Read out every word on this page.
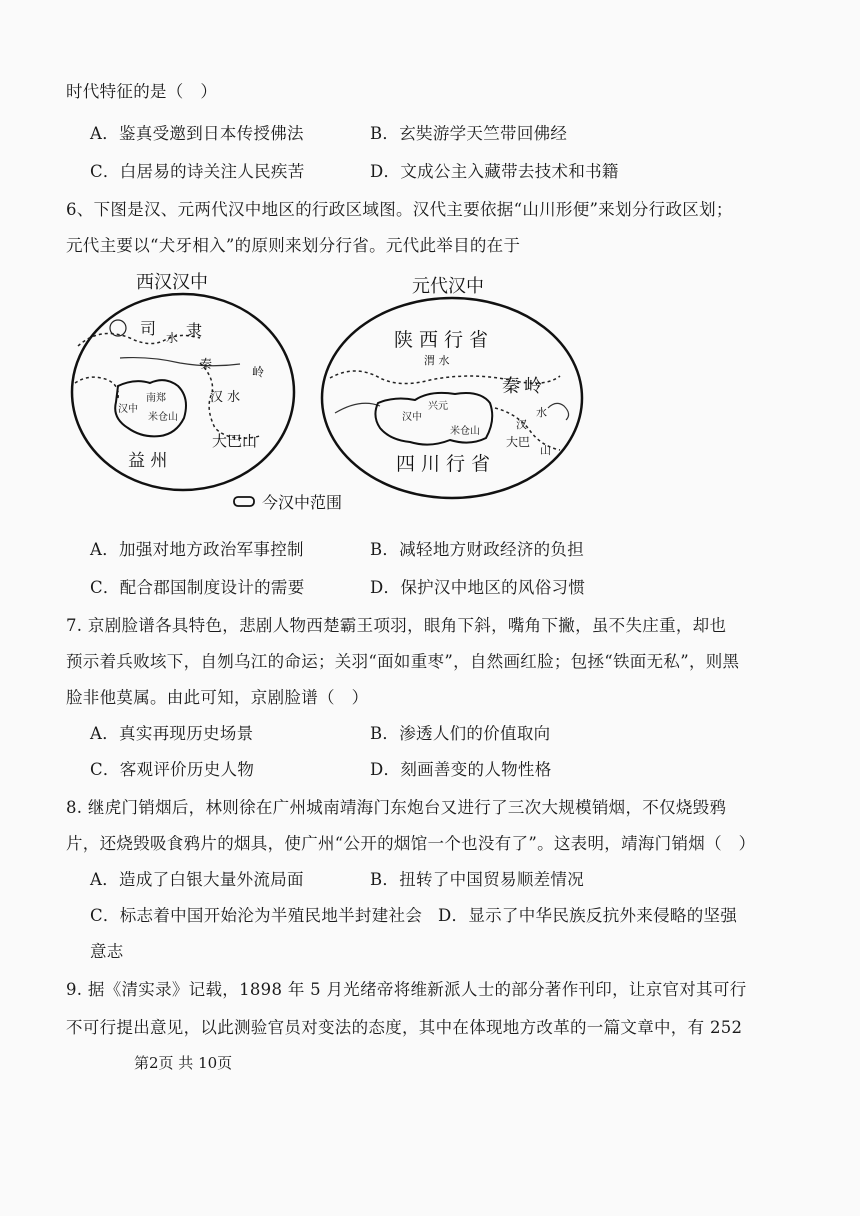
时代特征的是（　）
A．鉴真受邀到日本传授佛法	B．玄奘游学天竺带回佛经
C．白居易的诗关注人民疾苦	D．文成公主入藏带去技术和书籍
6、下图是汉、元两代汉中地区的行政区域图。汉代主要依据“山川形便”来划分行政区划；
元代主要以“犬牙相入”的原则来划分行省。元代此举目的在于
西汉汉中
司 水 隶
秦
岭
南郑
汉中
米仓山
汉 水
大巴山
益 州
元代汉中
陕西行省
渭 水
秦岭
兴元
汉中
米仓山
水
汉
大巴
山
四川行省
今汉中范围
A．加强对地方政治军事控制	B．减轻地方财政经济的负担
C．配合郡国制度设计的需要	D．保护汉中地区的风俗习惯
7. 京剧脸谱各具特色，悲剧人物西楚霸王项羽，眼角下斜，嘴角下撇，虽不失庄重，却也
预示着兵败垓下，自刎乌江的命运；关羽“面如重枣”，自然画红脸；包拯“铁面无私”，则黑
脸非他莫属。由此可知，京剧脸谱（　）
A．真实再现历史场景	B．渗透人们的价值取向
C．客观评价历史人物	D．刻画善变的人物性格
8. 继虎门销烟后，林则徐在广州城南靖海门东炮台又进行了三次大规模销烟，不仅烧毁鸦
片，还烧毁吸食鸦片的烟具，使广州“公开的烟馆一个也没有了”。这表明，靖海门销烟（　）
A．造成了白银大量外流局面	B．扭转了中国贸易顺差情况
C．标志着中国开始沦为半殖民地半封建社会 D．显示了中华民族反抗外来侵略的坚强
意志
9. 据《清实录》记载，1898 年 5 月光绪帝将维新派人士的部分著作刊印，让京官对其可行
不可行提出意见，以此测验官员对变法的态度，其中在体现地方改革的一篇文章中，有 252
第2页 共 10页
